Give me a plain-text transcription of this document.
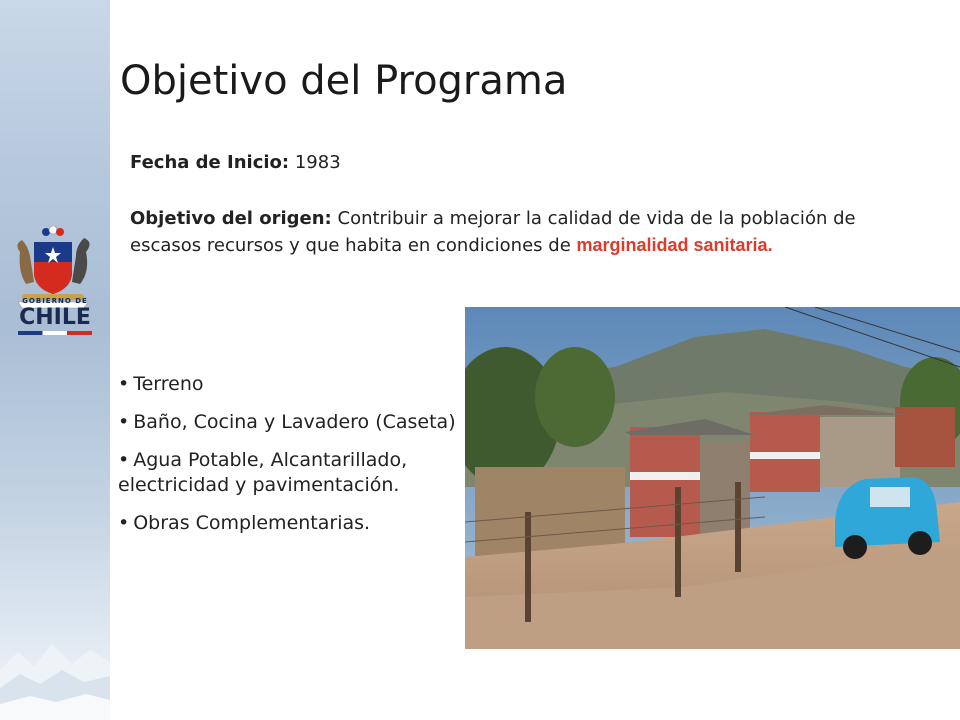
GOBIERNO DE
CHILE
Objetivo del Programa
Fecha de Inicio: 1983
Objetivo del origen: Contribuir a mejorar la calidad de vida de la población de escasos recursos y que habita en condiciones de marginalidad sanitaria.
• Terreno
• Baño, Cocina y Lavadero (Caseta)
• Agua Potable, Alcantarillado, electricidad y pavimentación.
• Obras Complementarias.
